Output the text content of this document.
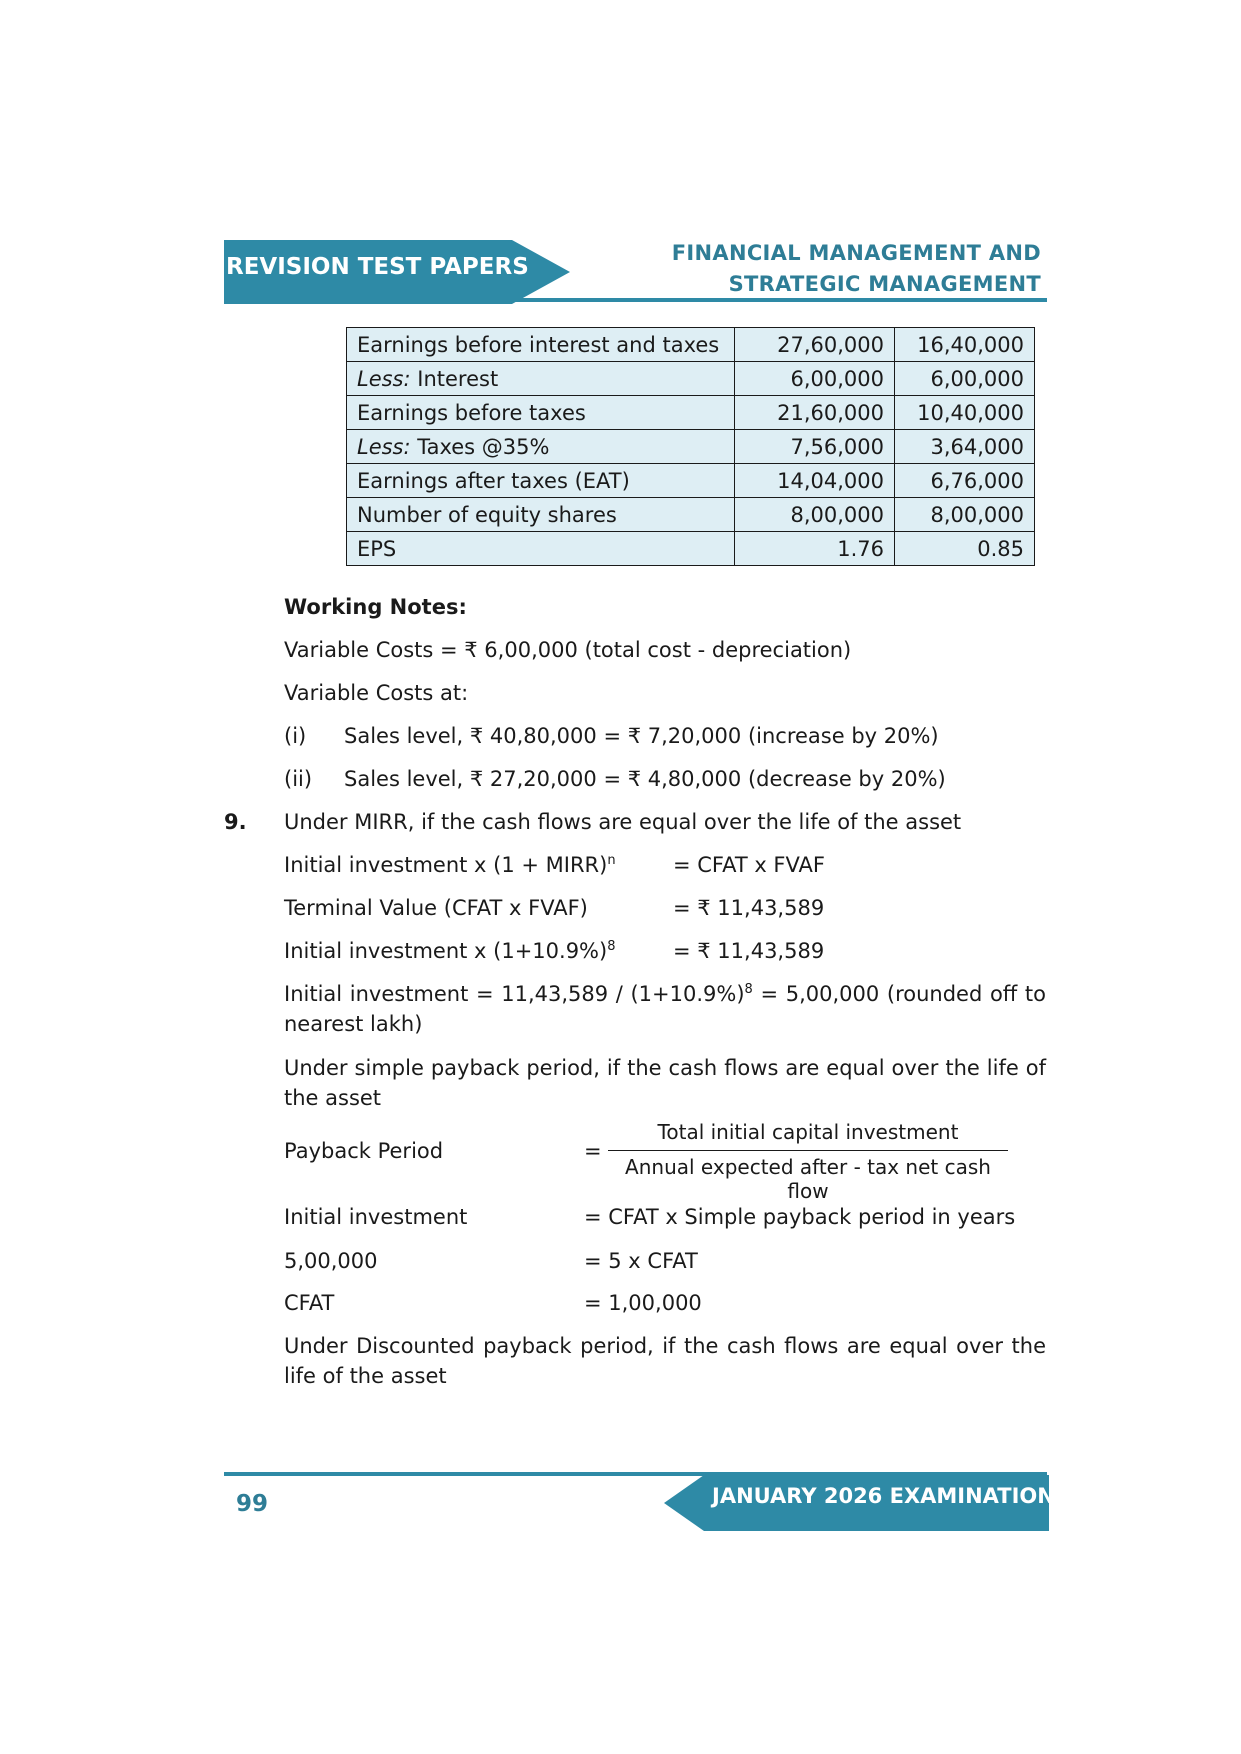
REVISION TEST PAPERS
FINANCIAL MANAGEMENT AND
STRATEGIC MANAGEMENT
Earnings before interest and taxes	27,60,000	16,40,000
Less: Interest	6,00,000	6,00,000
Earnings before taxes	21,60,000	10,40,000
Less: Taxes @35%	7,56,000	3,64,000
Earnings after taxes (EAT)	14,04,000	6,76,000
Number of equity shares	8,00,000	8,00,000
EPS	1.76	0.85
Working Notes:
Variable Costs = ₹ 6,00,000 (total cost - depreciation)
Variable Costs at:
(i) Sales level, ₹ 40,80,000 = ₹ 7,20,000 (increase by 20%)
(ii) Sales level, ₹ 27,20,000 = ₹ 4,80,000 (decrease by 20%)
9. Under MIRR, if the cash flows are equal over the life of the asset
Initial investment x (1 + MIRR)$^n$	= CFAT x FVAF
Terminal Value (CFAT x FVAF)	= ₹ 11,43,589
Initial investment x $(1+10.9\%)^8$	= ₹ 11,43,589
Initial investment = $11,43,589 / (1+10.9\%)^8 = 5,00,000$ (rounded off to nearest lakh)
Under simple payback period, if the cash flows are equal over the life of the asset
Payback Period	=
Total initial capital investment
Annual expected after - tax net cash flow
Initial investment	= CFAT x Simple payback period in years
5,00,000	= 5 x CFAT
CFAT	= 1,00,000
Under Discounted payback period, if the cash flows are equal over the life of the asset
JANUARY 2026 EXAMINATION
99
